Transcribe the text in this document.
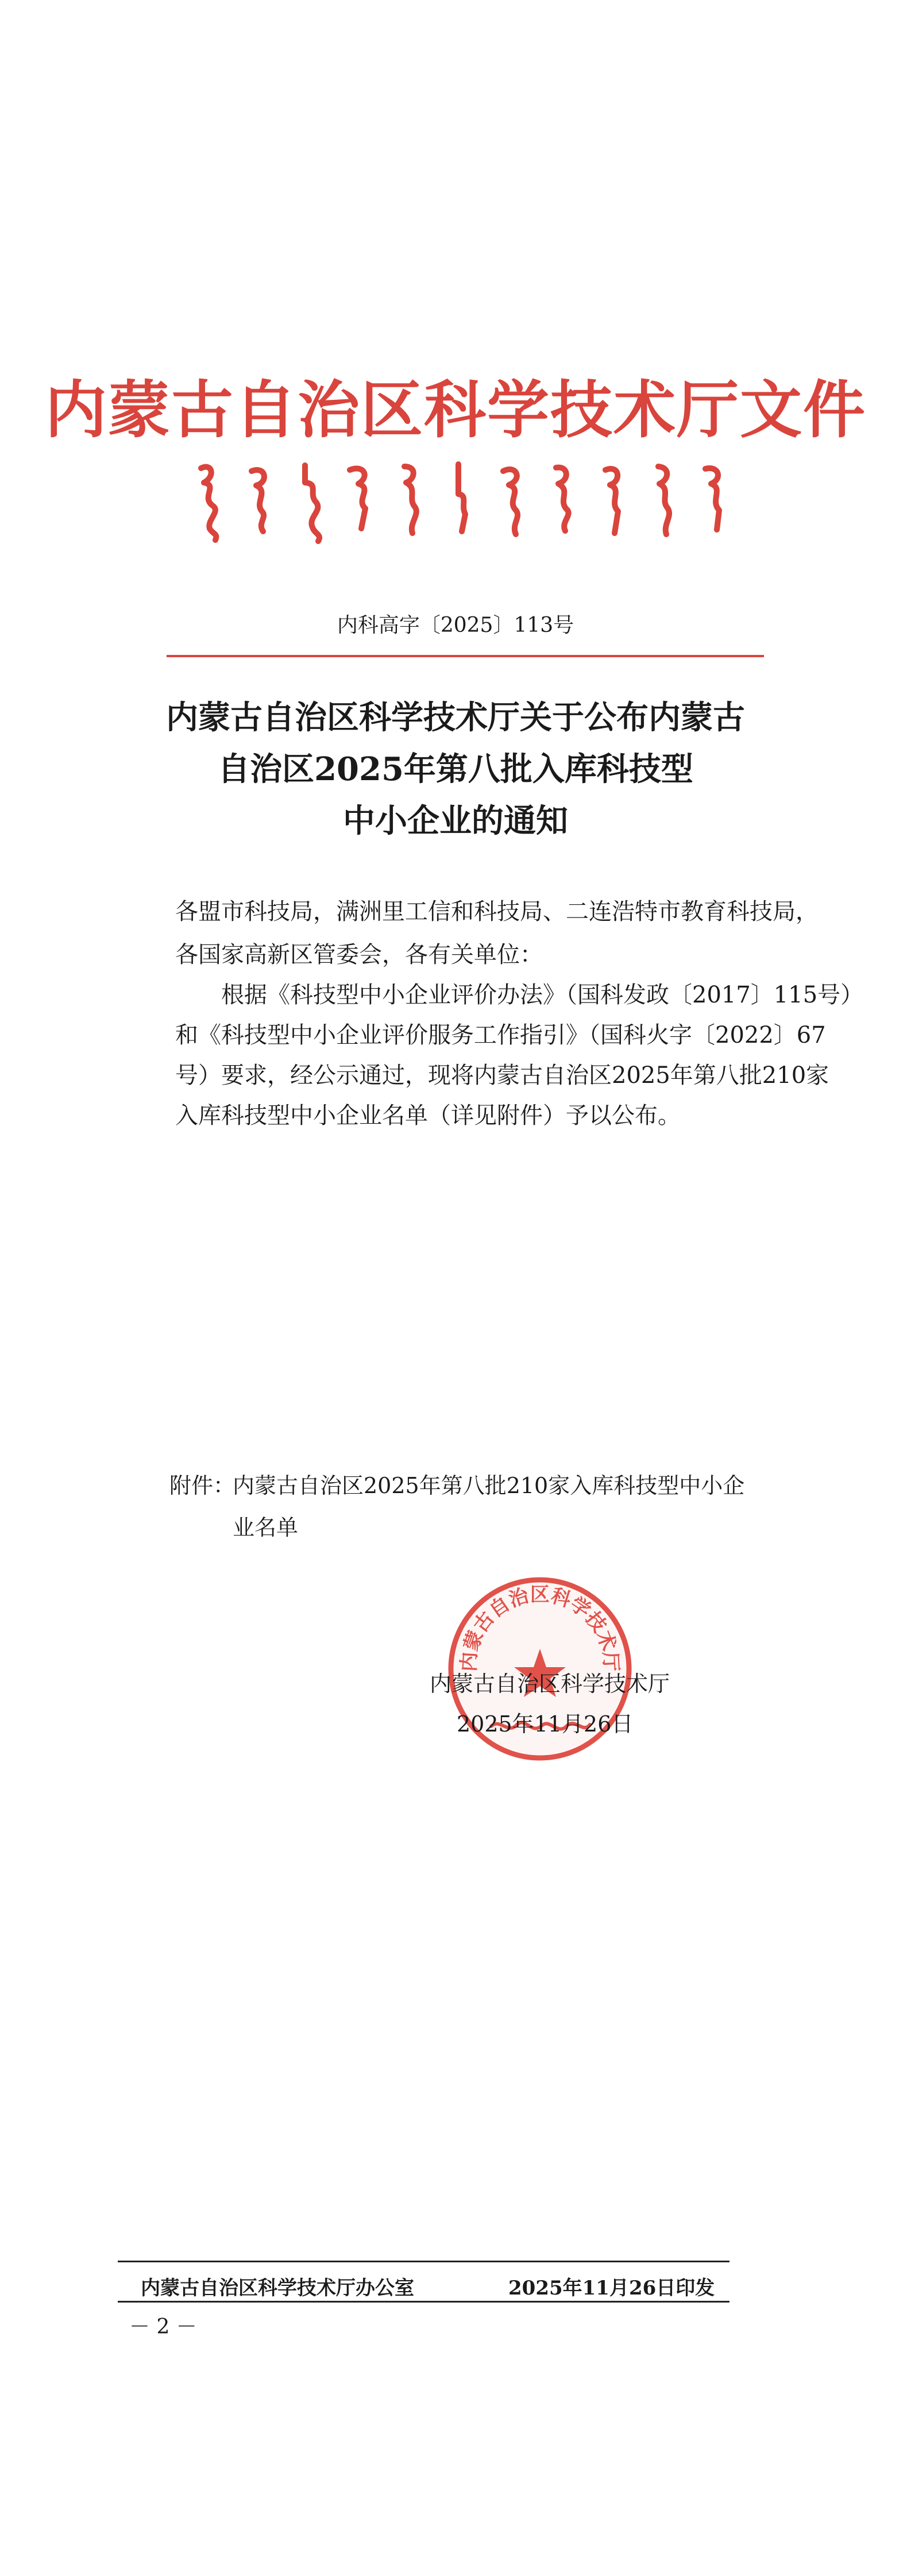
内蒙古自治区科学技术厅文件
内科高字〔2025〕113号
内蒙古自治区科学技术厅关于公布内蒙古
自治区2025年第八批入库科技型
中小企业的通知
各盟市科技局，满洲里工信和科技局、二连浩特市教育科技局，
各国家高新区管委会，各有关单位：
根据《科技型中小企业评价办法》（国科发政〔2017〕115号）
和《科技型中小企业评价服务工作指引》（国科火字〔2022〕67
号）要求，经公示通过，现将内蒙古自治区2025年第八批210家
入库科技型中小企业名单（详见附件）予以公布。
附件：
内蒙古自治区2025年第八批210家入库科技型中小企
业名单
内蒙古自治区科学技术厅
内蒙古自治区科学技术厅
2025年11月26日
内蒙古自治区科学技术厅办公室	2025年11月26日印发
－ 2 －
